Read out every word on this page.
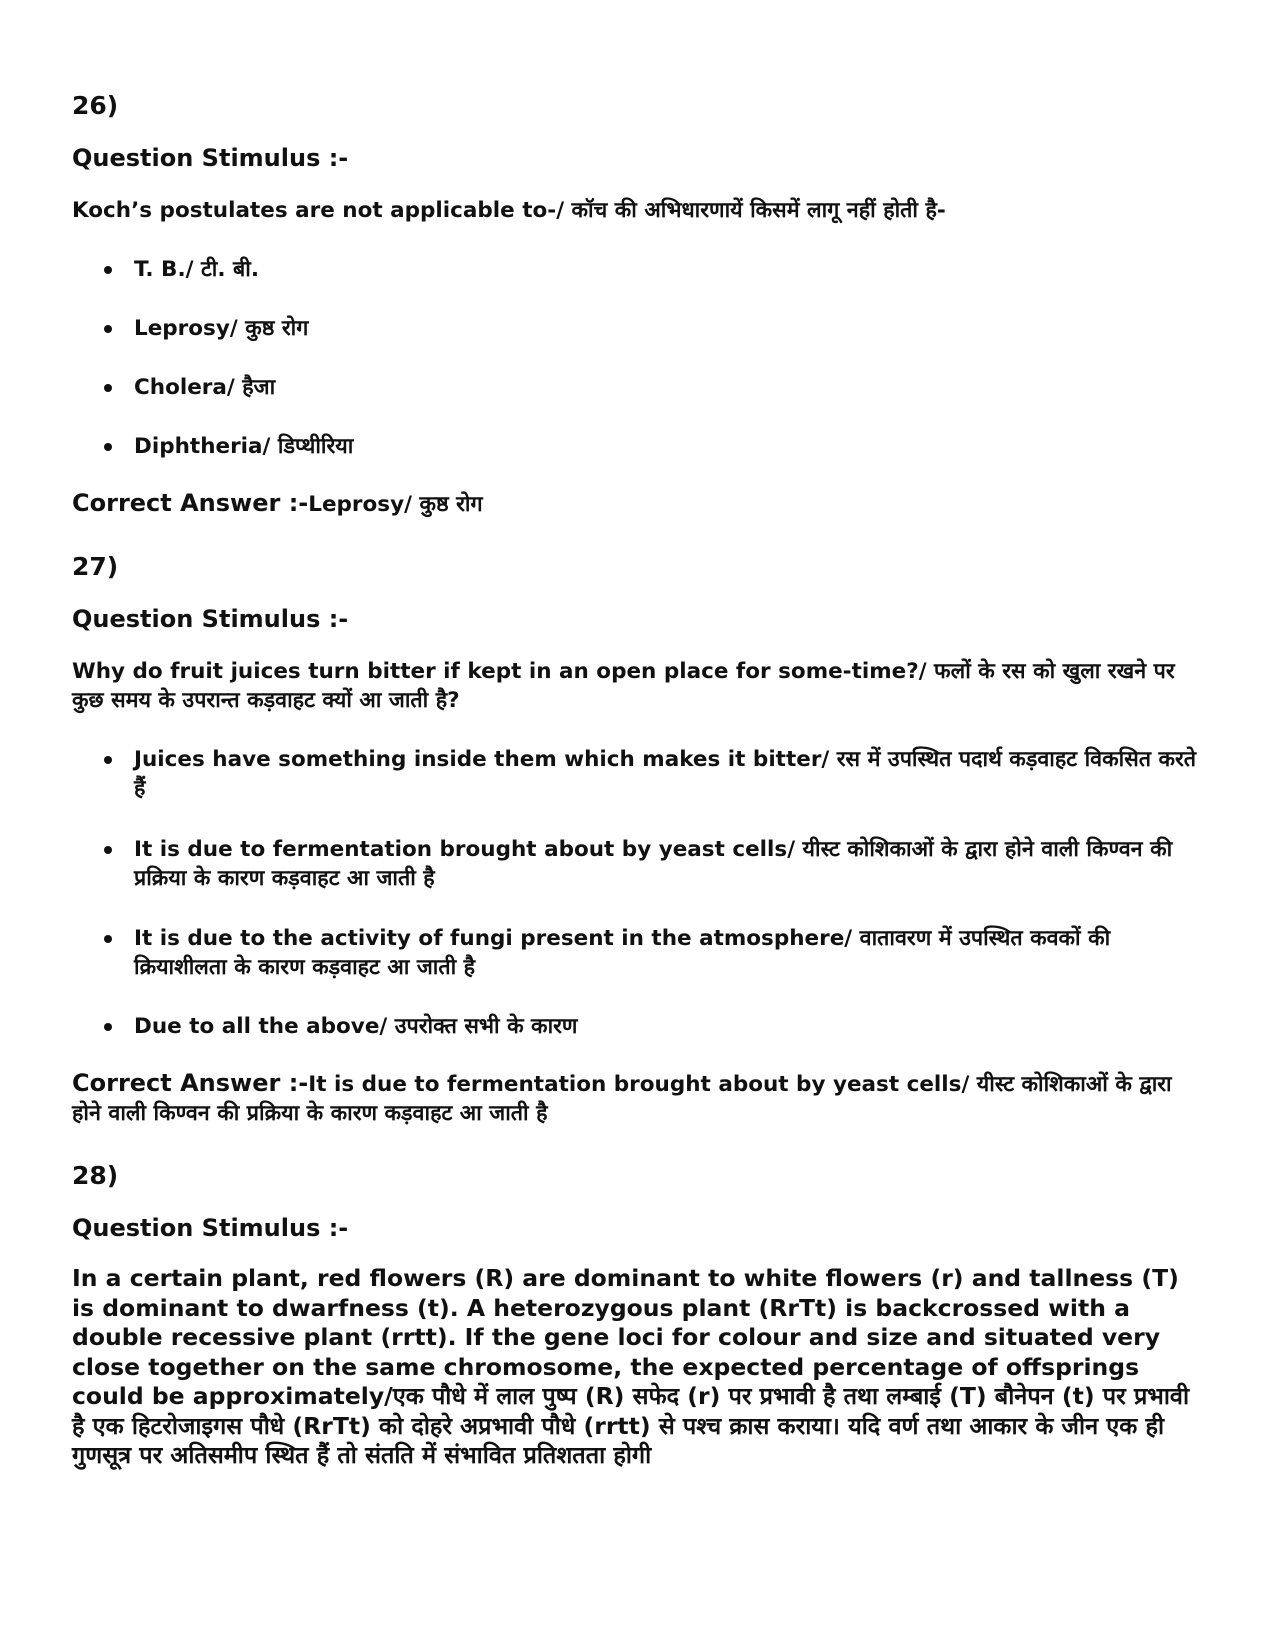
26)
Question Stimulus :-
Koch’s postulates are not applicable to-/ कॉच की अभिधारणायें किसमें लागू नहीं होती है-
T. B./ टी. बी.
Leprosy/ कुष्ठ रोग
Cholera/ हैजा
Diphtheria/ डिप्थीरिया
Correct Answer :-Leprosy/ कुष्ठ रोग
27)
Question Stimulus :-
Why do fruit juices turn bitter if kept in an open place for some-time?/ फलों के रस को खुला रखने पर कुछ समय के उपरान्त कड़वाहट क्यों आ जाती है?
Juices have something inside them which makes it bitter/ रस में उपस्थित पदार्थ कड़वाहट विकसित करते हैं
It is due to fermentation brought about by yeast cells/ यीस्ट कोशिकाओं के द्वारा होने वाली किण्वन की प्रक्रिया के कारण कड़वाहट आ जाती है
It is due to the activity of fungi present in the atmosphere/ वातावरण में उपस्थित कवकों की क्रियाशीलता के कारण कड़वाहट आ जाती है
Due to all the above/ उपरोक्त सभी के कारण
Correct Answer :-It is due to fermentation brought about by yeast cells/ यीस्ट कोशिकाओं के द्वारा होने वाली किण्वन की प्रक्रिया के कारण कड़वाहट आ जाती है
28)
Question Stimulus :-
In a certain plant, red flowers (R) are dominant to white flowers (r) and tallness (T) is dominant to dwarfness (t). A heterozygous plant (RrTt) is backcrossed with a double recessive plant (rrtt). If the gene loci for colour and size and situated very close together on the same chromosome, the expected percentage of offsprings could be approximately/एक पौधे में लाल पुष्प (R) सफेद (r) पर प्रभावी है तथा लम्बाई (T) बौनेपन (t) पर प्रभावी है एक हिटरोजाइगस पौधे (RrTt) को दोहरे अप्रभावी पौधे (rrtt) से पश्च क्रास कराया। यदि वर्ण तथा आकार के जीन एक ही गुणसूत्र पर अतिसमीप स्थित हैं तो संतति में संभावित प्रतिशतता होगी
